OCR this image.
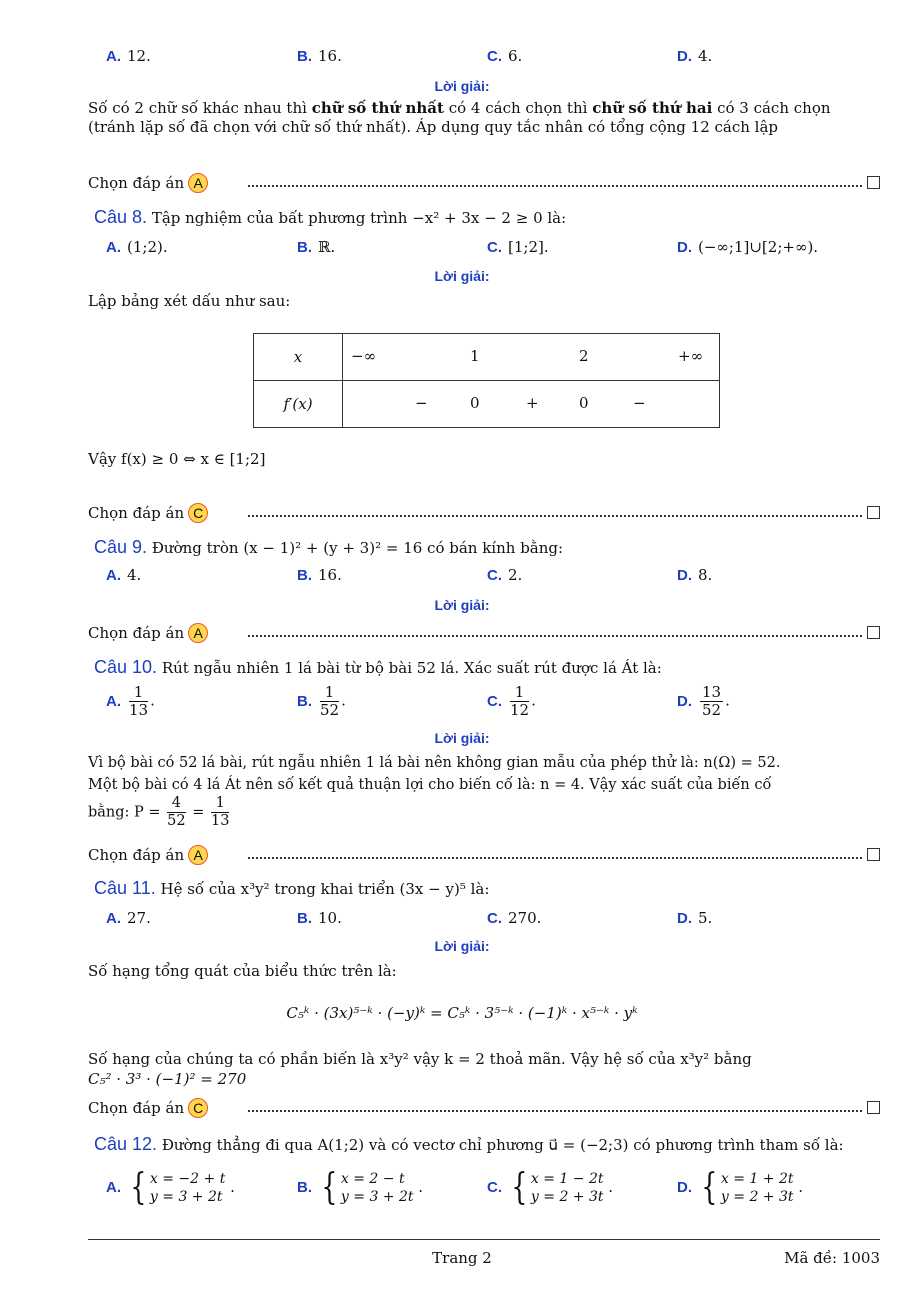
A. 12.	B. 16.	C. 6.	D. 4.
Lời giải:
Số có 2 chữ số khác nhau thì chữ số thứ nhất có 4 cách chọn thì chữ số thứ hai có 3 cách chọn (tránh lặp số đã chọn với chữ số thứ nhất). Áp dụng quy tắc nhân có tổng cộng 12 cách lập
Chọn đáp án A
Câu 8. Tập nghiệm của bất phương trình −x² + 3x − 2 ≥ 0 là:
A. (1;2).	B. ℝ.	C. [1;2].	D. (−∞;1]∪[2;+∞).
Lời giải:
Lập bảng xét dấu như sau:
x	−∞ 1 2 +∞

f′(x)	− 0 + 0 −
Vậy f(x) ≥ 0 ⇔ x ∈ [1;2]
Chọn đáp án C
Câu 9. Đường tròn (x − 1)² + (y + 3)² = 16 có bán kính bằng:
A. 4.	B. 16.	C. 2.	D. 8.
Lời giải:
Chọn đáp án A
Câu 10. Rút ngẫu nhiên 1 lá bài từ bộ bài 52 lá. Xác suất rút được lá Át là:
A. $\frac{1}{13}$ .	B. $\frac{1}{52}$ .	C. $\frac{1}{12}$ .	D. $\frac{13}{52}$ .
Lời giải:
Vì bộ bài có 52 lá bài, rút ngẫu nhiên 1 lá bài nên không gian mẫu của phép thử là: n(Ω) = 52.
Một bộ bài có 4 lá Át nên số kết quả thuận lợi cho biến cố là: n = 4. Vậy xác suất của biến cố
bằng: $P = \frac{4}{52} = \frac{1}{13}$
Chọn đáp án A
Câu 11. Hệ số của x³y² trong khai triển (3x − y)⁵ là:
A. 27.	B. 10.	C. 270.	D. 5.
Lời giải:
Số hạng tổng quát của biểu thức trên là:
C₅ᵏ · (3x)⁵⁻ᵏ · (−y)ᵏ = C₅ᵏ · 3⁵⁻ᵏ · (−1)ᵏ · x⁵⁻ᵏ · yᵏ
Số hạng của chúng ta có phần biến là x³y² vậy k = 2 thoả mãn. Vậy hệ số của x³y² bằng
C₅² · 3³ · (−1)² = 270
Chọn đáp án C
Câu 12. Đường thẳng đi qua A(1;2) và có vectơ chỉ phương u⃗ = (−2;3) có phương trình tham số là:
A. { x = −2 + t
y = 3 + 2t
.	B. { x = 2 − t
y = 3 + 2t
.	C. { x = 1 − 2t
y = 2 + 3t
.	D. { x = 1 + 2t
y = 2 + 3t
.
Trang 2	Mã đề: 1003
